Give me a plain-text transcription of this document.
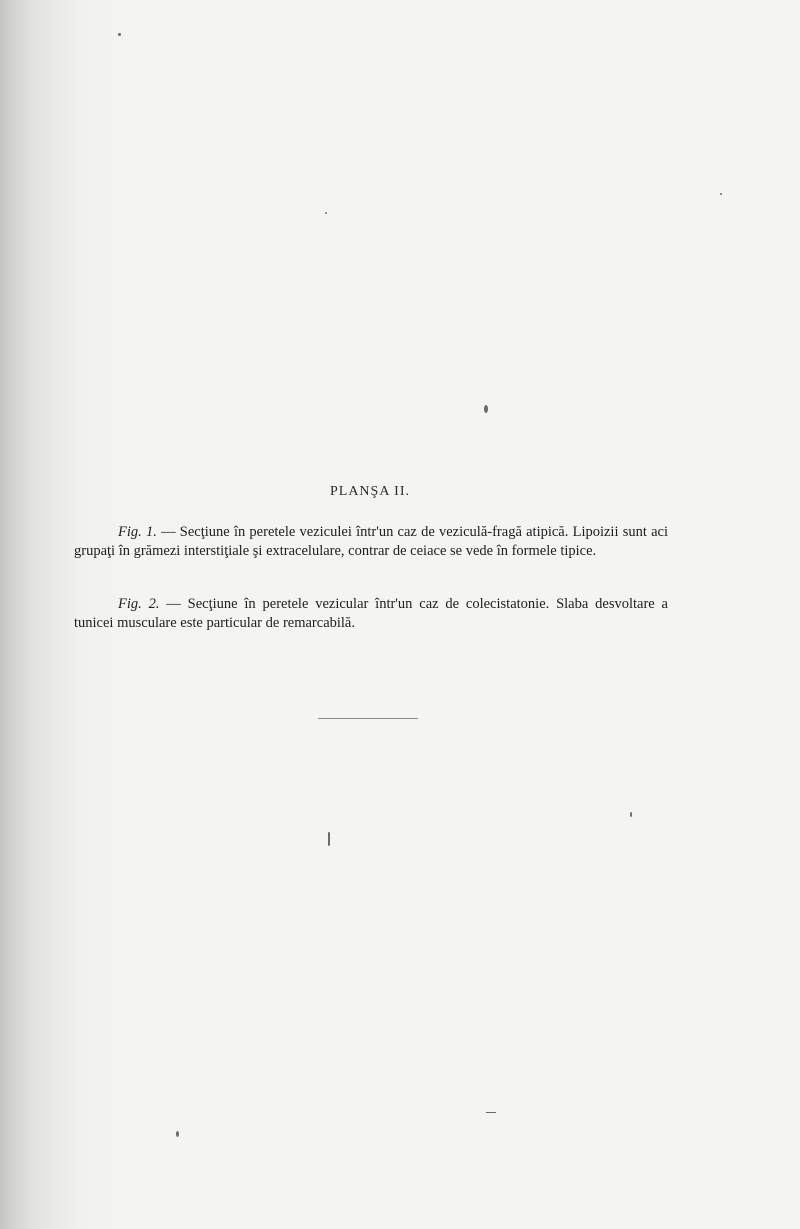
PLANŞA II.

Fig. 1. — Secţiune în peretele veziculei într'un caz de veziculă-fragă atipică. Lipoizii sunt aci grupaţi în grămezi interstiţiale şi extracelulare, contrar de ceiace se vede în formele tipice.

Fig. 2. — Secţiune în peretele vezicular într'un caz de colecistatonie. Slaba desvoltare a tunicei musculare este particular de remarcabilă.
